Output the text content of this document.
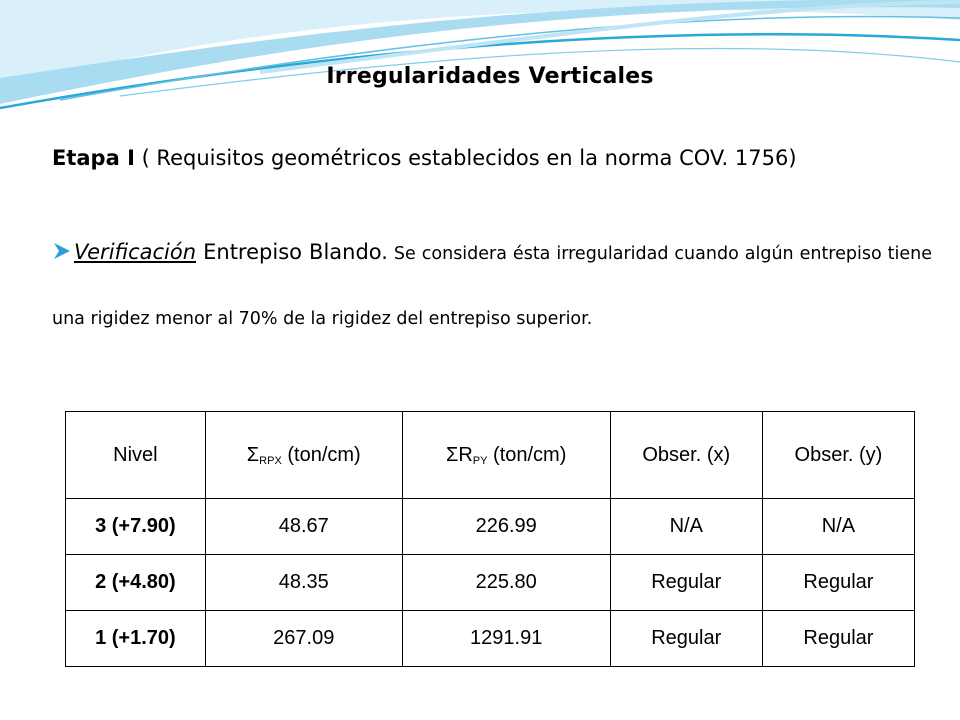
Irregularidades Verticales
Etapa I ( Requisitos geométricos establecidos en la norma COV. 1756)
Verificación Entrepiso Blando. Se considera ésta irregularidad cuando algún entrepiso tiene una rigidez menor al 70% de la rigidez del entrepiso superior.
Nivel	$\Sigma_{RPX}$ (ton/cm)	$\Sigma R_{PY}$ (ton/cm)	Obser. (x)	Obser. (y)
3 (+7.90)	48.67	226.99	N/A	N/A
2 (+4.80)	48.35	225.80	Regular	Regular
1 (+1.70)	267.09	1291.91	Regular	Regular
